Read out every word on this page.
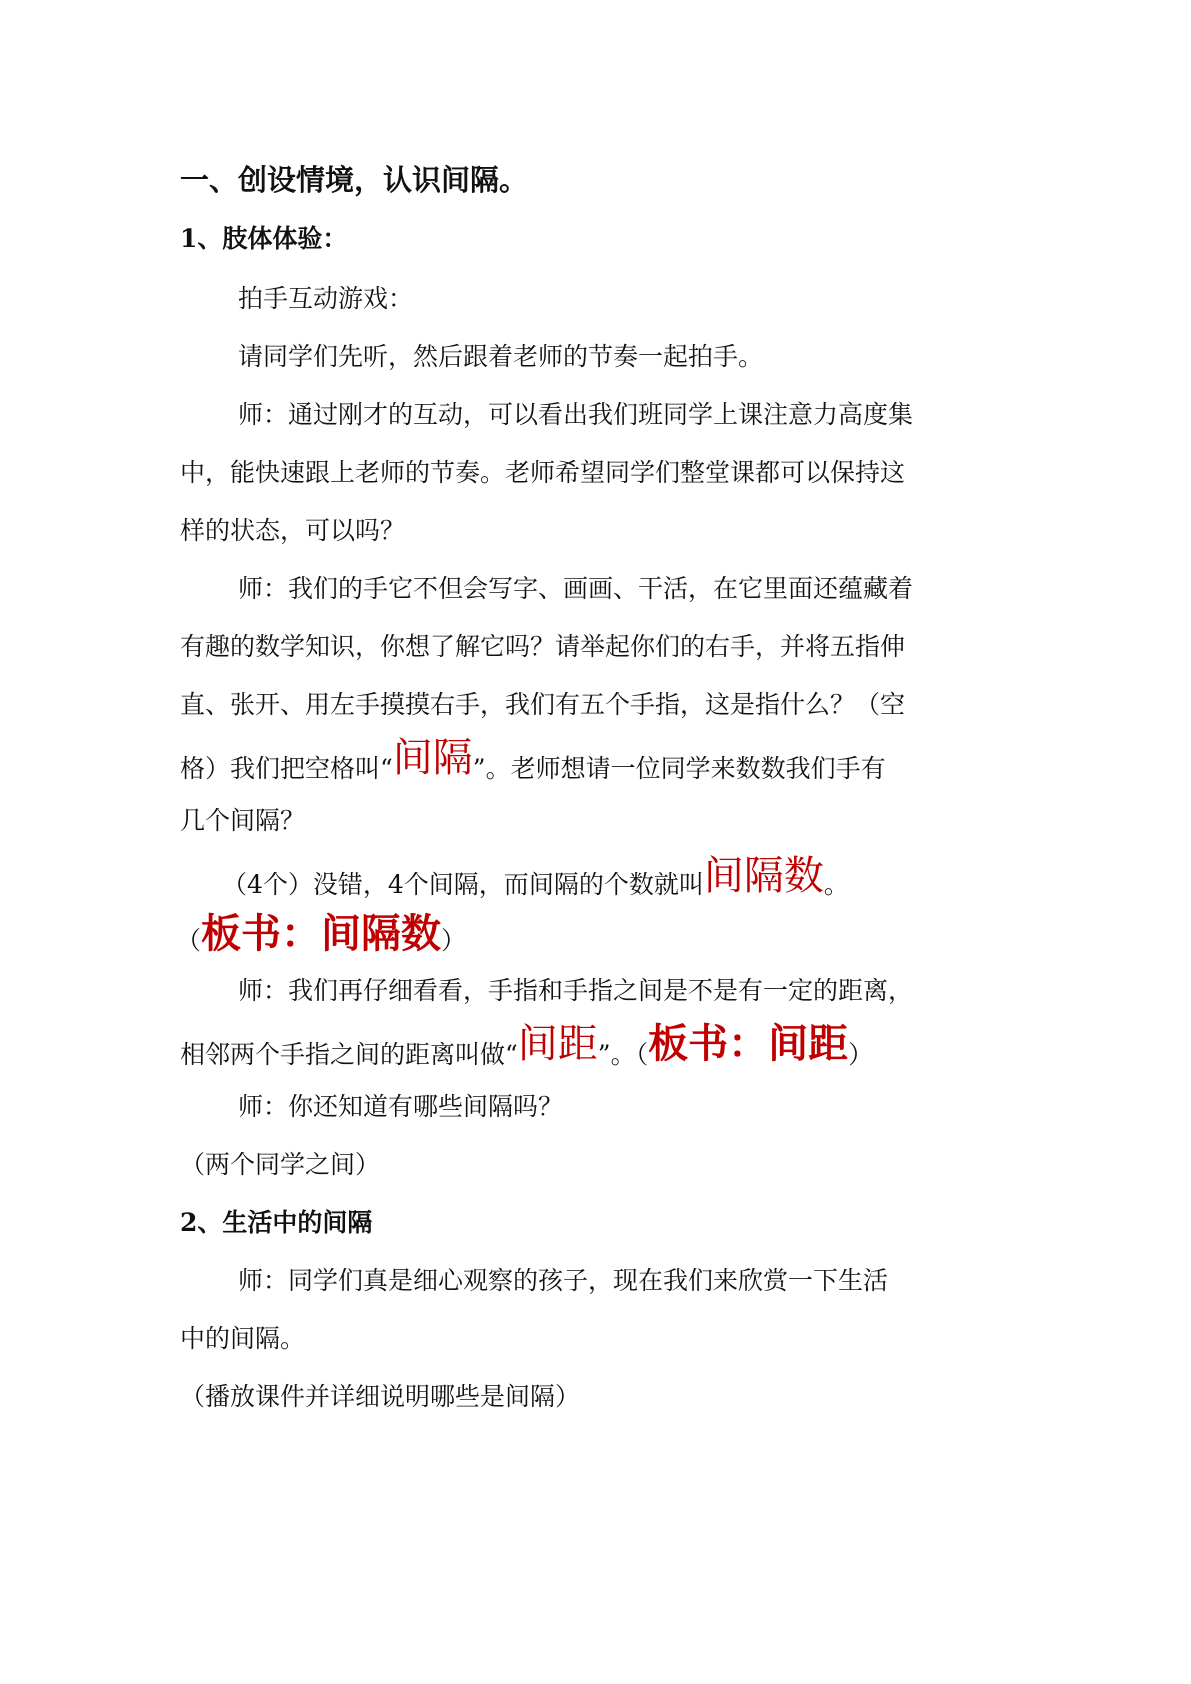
一、创设情境，认识间隔。
1、肢体体验：
拍手互动游戏：
请同学们先听，然后跟着老师的节奏一起拍手。
师：通过刚才的互动，可以看出我们班同学上课注意力高度集
中，能快速跟上老师的节奏。老师希望同学们整堂课都可以保持这
样的状态，可以吗？
师：我们的手它不但会写字、画画、干活，在它里面还蕴藏着
有趣的数学知识，你想了解它吗？请举起你们的右手，并将五指伸
直、张开、用左手摸摸右手，我们有五个手指，这是指什么？（空
格）我们把空格叫“间隔”。老师想请一位同学来数数我们手有
几个间隔？
（4个）没错，4个间隔，而间隔的个数就叫间隔数。
（板书：间隔数）
师：我们再仔细看看，手指和手指之间是不是有一定的距离，
相邻两个手指之间的距离叫做“间距”。（板书：间距）
师：你还知道有哪些间隔吗？
（两个同学之间）
2、生活中的间隔
师：同学们真是细心观察的孩子，现在我们来欣赏一下生活
中的间隔。
（播放课件并详细说明哪些是间隔）
